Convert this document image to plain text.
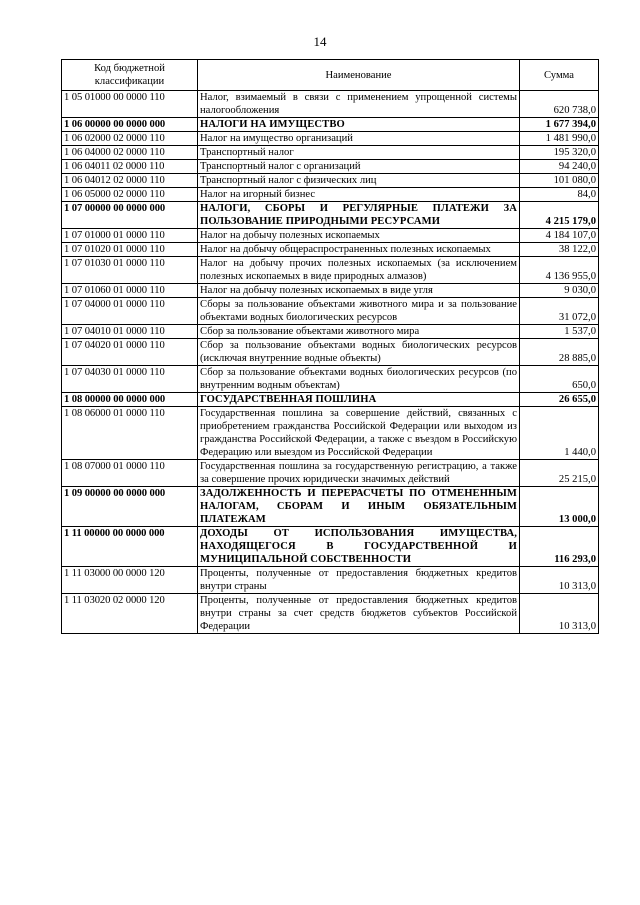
14
Код бюджетной классификации	Наименование	Сумма
1 05 01000 00 0000 110	Налог, взимаемый в связи с применением упрощенной системы налогообложения	620 738,0
1 06 00000 00 0000 000	НАЛОГИ НА ИМУЩЕСТВО	1 677 394,0
1 06 02000 02 0000 110	Налог на имущество организаций	1 481 990,0
1 06 04000 02 0000 110	Транспортный налог	195 320,0
1 06 04011 02 0000 110	Транспортный налог с организаций	94 240,0
1 06 04012 02 0000 110	Транспортный налог с физических лиц	101 080,0
1 06 05000 02 0000 110	Налог на игорный бизнес	84,0
1 07 00000 00 0000 000	НАЛОГИ, СБОРЫ И РЕГУЛЯРНЫЕ ПЛАТЕЖИ ЗА ПОЛЬЗОВАНИЕ ПРИРОДНЫМИ РЕСУРСАМИ	4 215 179,0
1 07 01000 01 0000 110	Налог на добычу полезных ископаемых	4 184 107,0
1 07 01020 01 0000 110	Налог на добычу общераспространенных полезных ископаемых	38 122,0
1 07 01030 01 0000 110	Налог на добычу прочих полезных ископаемых (за исключением полезных ископаемых в виде природных алмазов)	4 136 955,0
1 07 01060 01 0000 110	Налог на добычу полезных ископаемых в виде угля	9 030,0
1 07 04000 01 0000 110	Сборы за пользование объектами животного мира и за пользование объектами водных биологических ресурсов	31 072,0
1 07 04010 01 0000 110	Сбор за пользование объектами животного мира	1 537,0
1 07 04020 01 0000 110	Сбор за пользование объектами водных биологических ресурсов (исключая внутренние водные объекты)	28 885,0
1 07 04030 01 0000 110	Сбор за пользование объектами водных биологических ресурсов (по внутренним водным объектам)	650,0
1 08 00000 00 0000 000	ГОСУДАРСТВЕННАЯ ПОШЛИНА	26 655,0
1 08 06000 01 0000 110	Государственная пошлина за совершение действий, связанных с приобретением гражданства Российской Федерации или выходом из гражданства Российской Федерации, а также с въездом в Российскую Федерацию или выездом из Российской Федерации	1 440,0
1 08 07000 01 0000 110	Государственная пошлина за государственную регистрацию, а также за совершение прочих юридически значимых действий	25 215,0
1 09 00000 00 0000 000	ЗАДОЛЖЕННОСТЬ И ПЕРЕРАСЧЕТЫ ПО ОТМЕНЕННЫМ НАЛОГАМ, СБОРАМ И ИНЫМ ОБЯЗАТЕЛЬНЫМ ПЛАТЕЖАМ	13 000,0
1 11 00000 00 0000 000	ДОХОДЫ ОТ ИСПОЛЬЗОВАНИЯ ИМУЩЕСТВА, НАХОДЯЩЕГОСЯ В ГОСУДАРСТВЕННОЙ И МУНИЦИПАЛЬНОЙ СОБСТВЕННОСТИ	116 293,0
1 11 03000 00 0000 120	Проценты, полученные от предоставления бюджетных кредитов внутри страны	10 313,0
1 11 03020 02 0000 120	Проценты, полученные от предоставления бюджетных кредитов внутри страны за счет средств бюджетов субъектов Российской Федерации	10 313,0
